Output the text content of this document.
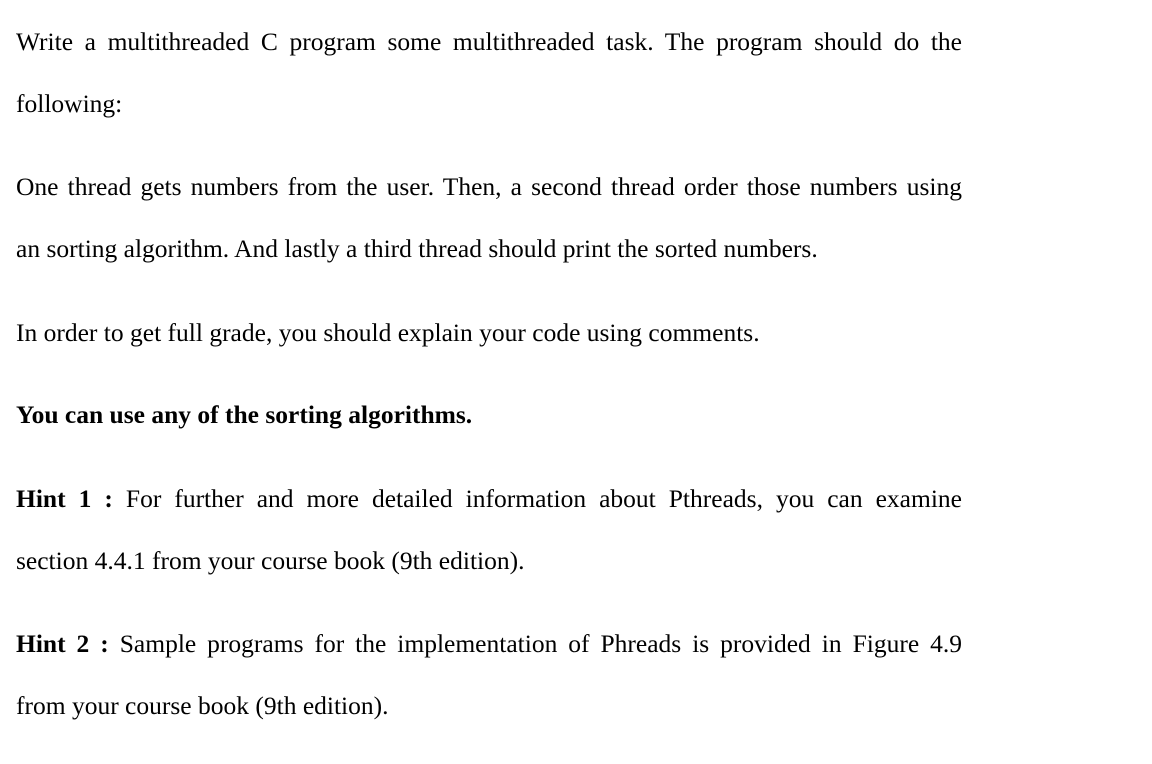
Write a multithreaded C program some multithreaded task. The program should do the
following:
One thread gets numbers from the user. Then, a second thread order those numbers using
an sorting algorithm. And lastly a third thread should print the sorted numbers.
In order to get full grade, you should explain your code using comments.
You can use any of the sorting algorithms.
Hint 1 : For further and more detailed information about Pthreads, you can examine
section 4.4.1 from your course book (9th edition).
Hint 2 : Sample programs for the implementation of Phreads is provided in Figure 4.9
from your course book (9th edition).
